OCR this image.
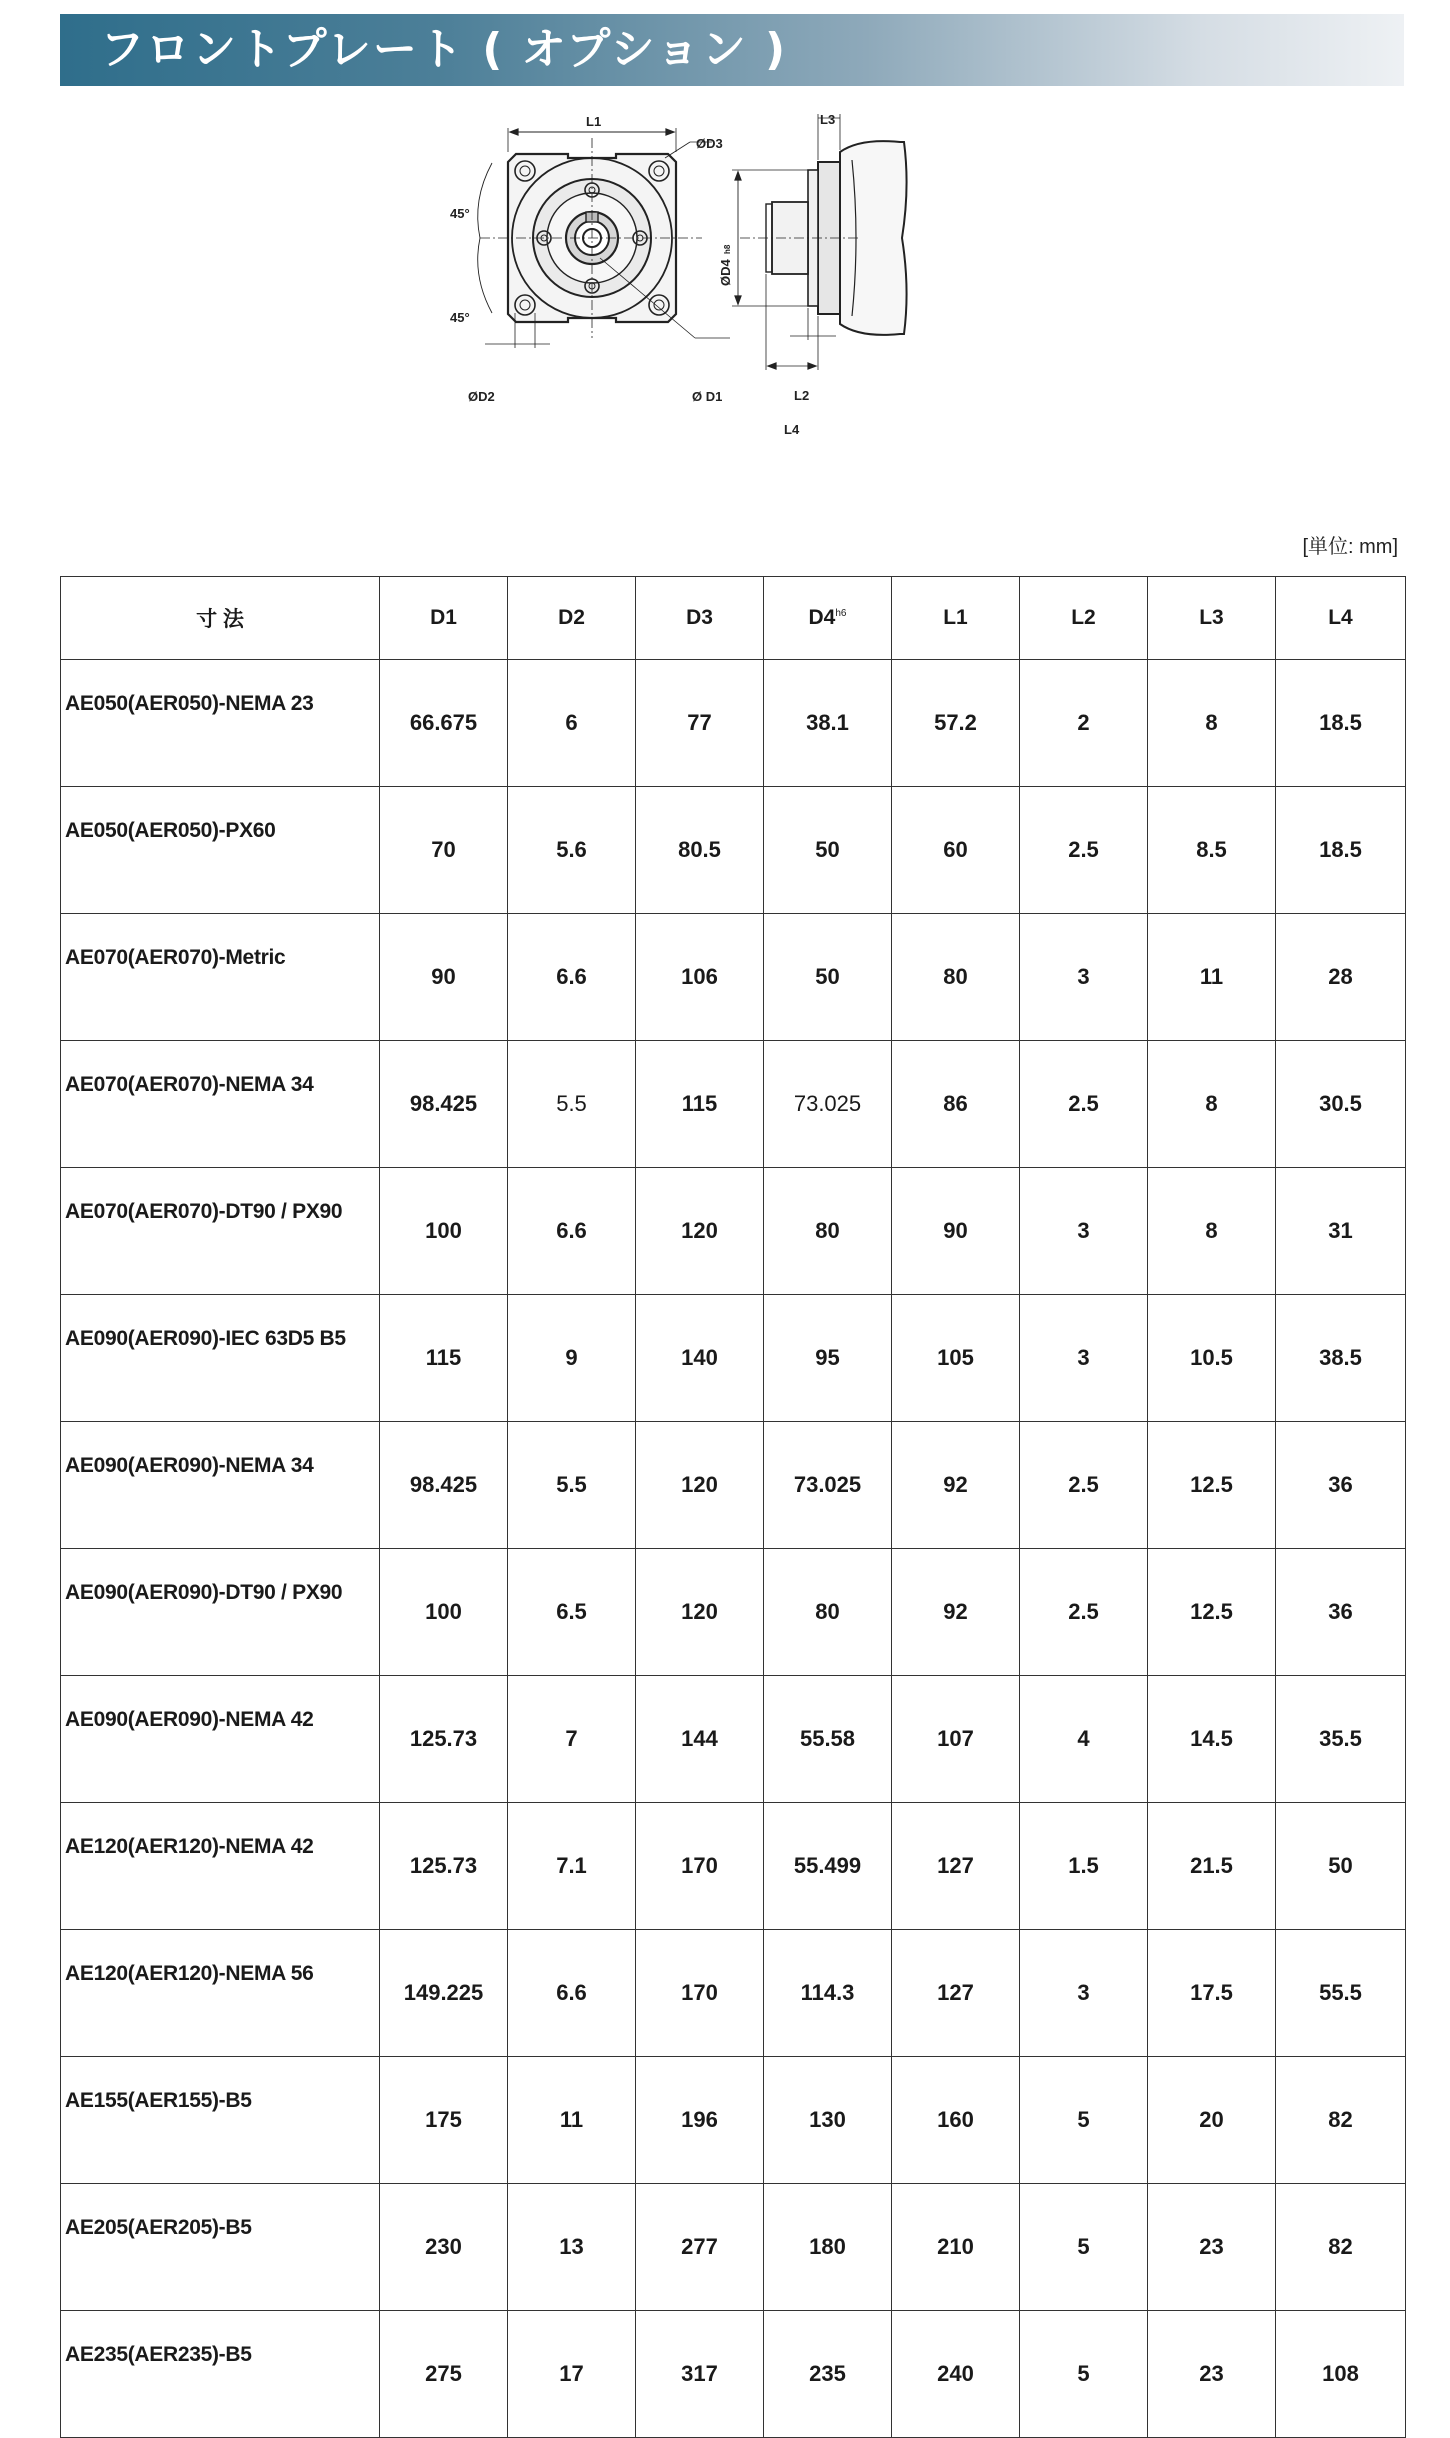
フロントプレート ( オプション )
L1
ØD3
45°
45°
ØD2	Ø D1
L3
ØD4
h8
L2
L4
[単位: mm]
寸 法	D1	D2	D3	$D4^{h6}$	L1	L2	L3	L4
AE050(AER050)-NEMA 23	66.675	6	77	38.1	57.2	2	8	18.5
AE050(AER050)-PX60	70	5.6	80.5	50	60	2.5	8.5	18.5
AE070(AER070)-Metric	90	6.6	106	50	80	3	11	28
AE070(AER070)-NEMA 34	98.425	5.5	115	73.025	86	2.5	8	30.5
AE070(AER070)-DT90 / PX90	100	6.6	120	80	90	3	8	31
AE090(AER090)-IEC 63D5 B5	115	9	140	95	105	3	10.5	38.5
AE090(AER090)-NEMA 34	98.425	5.5	120	73.025	92	2.5	12.5	36
AE090(AER090)-DT90 / PX90	100	6.5	120	80	92	2.5	12.5	36
AE090(AER090)-NEMA 42	125.73	7	144	55.58	107	4	14.5	35.5
AE120(AER120)-NEMA 42	125.73	7.1	170	55.499	127	1.5	21.5	50
AE120(AER120)-NEMA 56	149.225	6.6	170	114.3	127	3	17.5	55.5
AE155(AER155)-B5	175	11	196	130	160	5	20	82
AE205(AER205)-B5	230	13	277	180	210	5	23	82
AE235(AER235)-B5	275	17	317	235	240	5	23	108
